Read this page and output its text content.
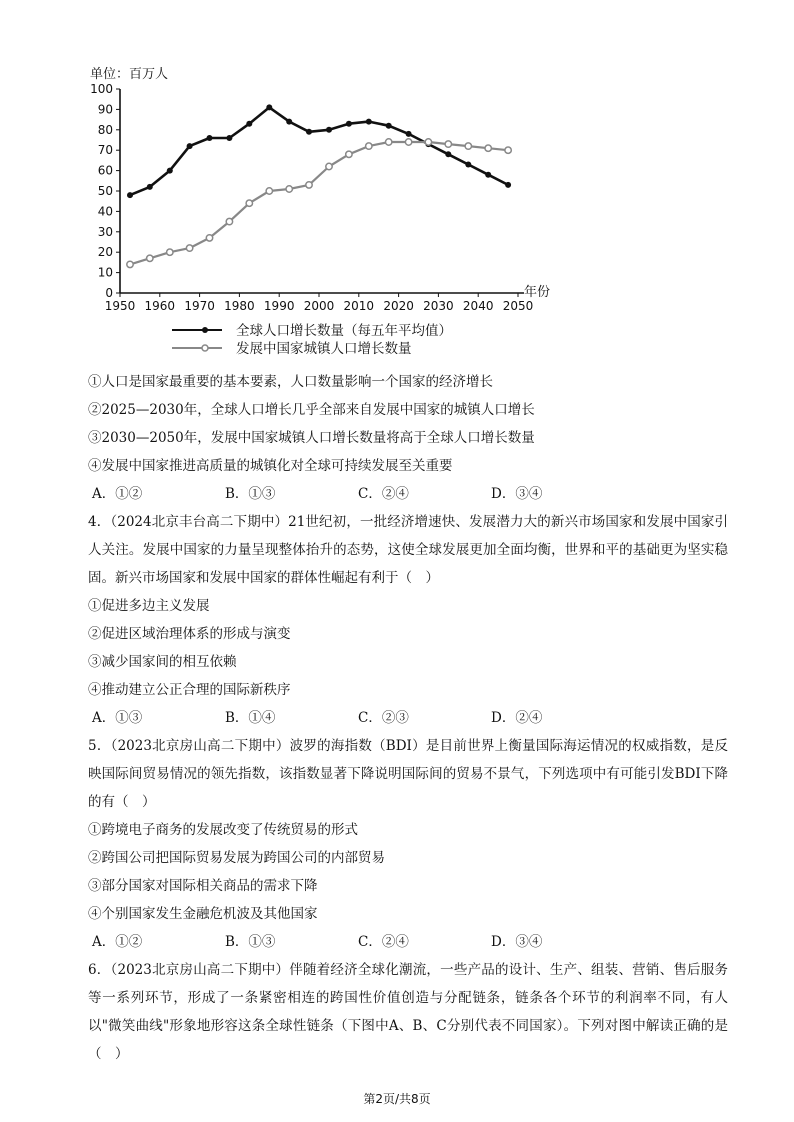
单位：百万人
0
10
20
30
40
50
60
70
80
90
100
1950 1960 1970 1980 1990 2000 2010 2020 2030 2040 2050
年份
全球人口增长数量（每五年平均值）
发展中国家城镇人口增长数量
①人口是国家最重要的基本要素，人口数量影响一个国家的经济增长
②2025—2030年，全球人口增长几乎全部来自发展中国家的城镇人口增长
③2030—2050年，发展中国家城镇人口增长数量将高于全球人口增长数量
④发展中国家推进高质量的城镇化对全球可持续发展至关重要
A．①②	B．①③	C．②④	D．③④
4．（2024北京丰台高二下期中）21世纪初，一批经济增速快、发展潜力大的新兴市场国家和发展中国家引人关注。发展中国家的力量呈现整体抬升的态势，这使全球发展更加全面均衡，世界和平的基础更为坚实稳固。新兴市场国家和发展中国家的群体性崛起有利于（　）
①促进多边主义发展
②促进区域治理体系的形成与演变
③减少国家间的相互依赖
④推动建立公正合理的国际新秩序
A．①③	B．①④	C．②③	D．②④
5．（2023北京房山高二下期中）波罗的海指数（BDI）是目前世界上衡量国际海运情况的权威指数，是反映国际间贸易情况的领先指数，该指数显著下降说明国际间的贸易不景气，下列选项中有可能引发BDI下降的有（　）
①跨境电子商务的发展改变了传统贸易的形式
②跨国公司把国际贸易发展为跨国公司的内部贸易
③部分国家对国际相关商品的需求下降
④个别国家发生金融危机波及其他国家
A．①②	B．①③	C．②④	D．③④
6．（2023北京房山高二下期中）伴随着经济全球化潮流，一些产品的设计、生产、组装、营销、售后服务等一系列环节，形成了一条紧密相连的跨国性价值创造与分配链条，链条各个环节的利润率不同，有人以"微笑曲线"形象地形容这条全球性链条（下图中A、B、C分别代表不同国家）。下列对图中解读正确的是（　）
第2页/共8页
